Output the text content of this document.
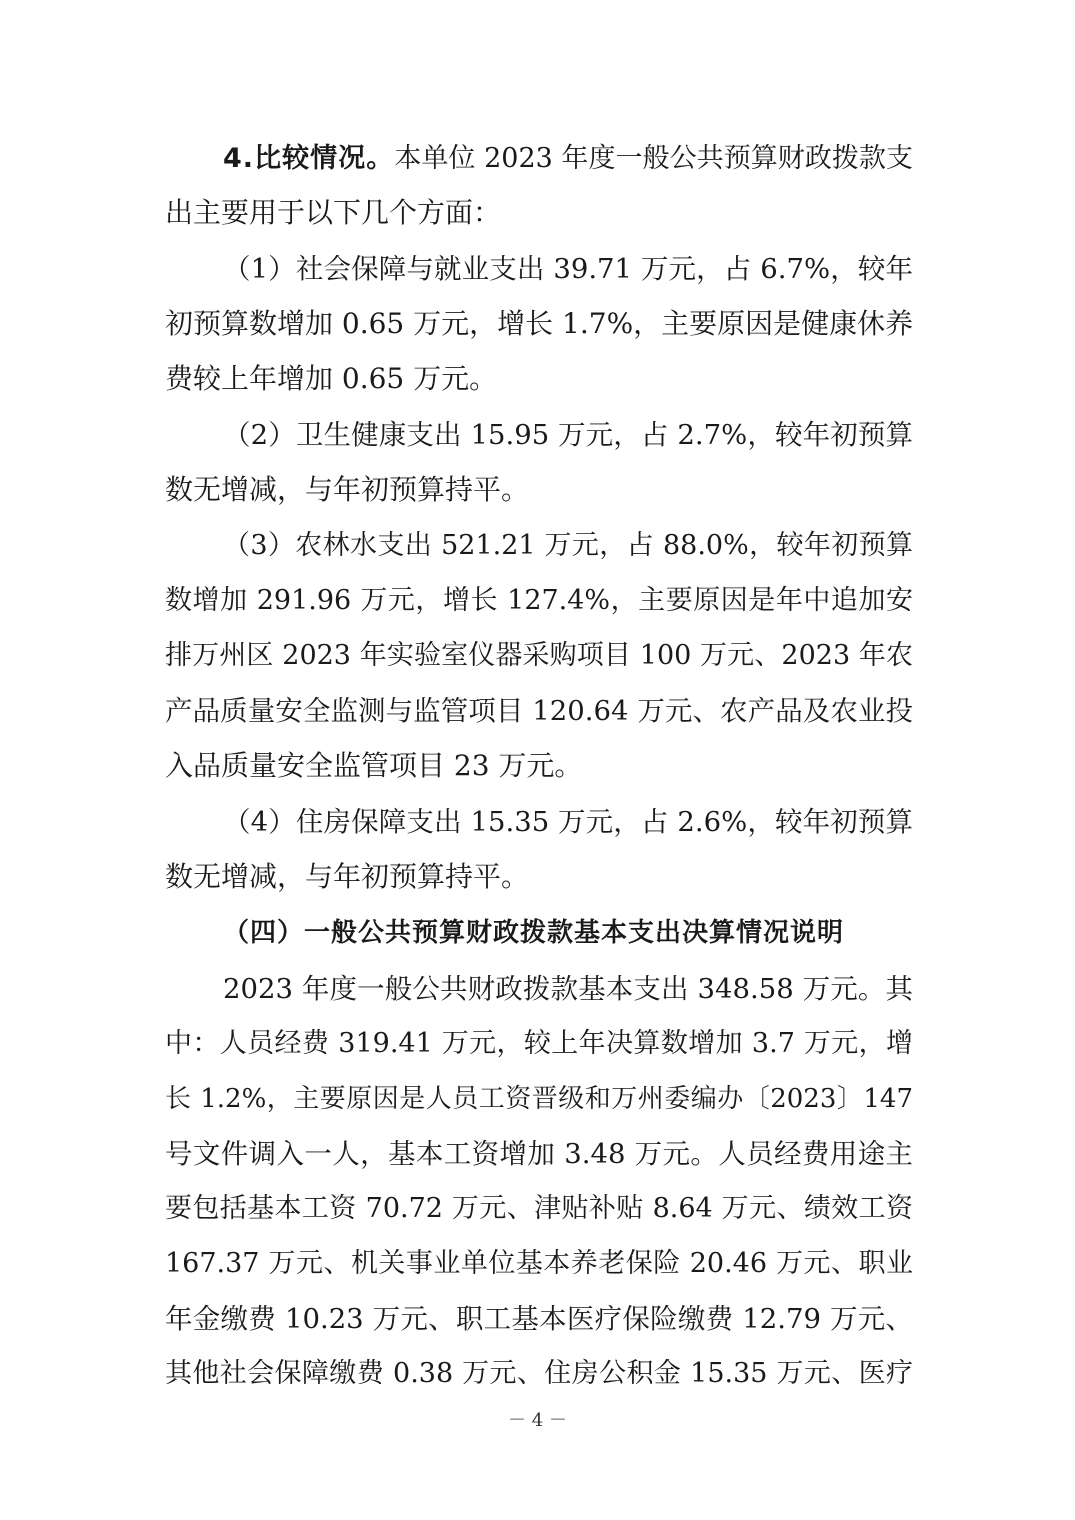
4.比较情况。本单位 2023 年度一般公共预算财政拨款支
出主要用于以下几个方面：
（1）社会保障与就业支出 39.71 万元，占 6.7%，较年
初预算数增加 0.65 万元，增长 1.7%，主要原因是健康休养
费较上年增加 0.65 万元。
（2）卫生健康支出 15.95 万元，占 2.7%，较年初预算
数无增减，与年初预算持平。
（3）农林水支出 521.21 万元，占 88.0%，较年初预算
数增加 291.96 万元，增长 127.4%，主要原因是年中追加安
排万州区 2023 年实验室仪器采购项目 100 万元、2023 年农
产品质量安全监测与监管项目 120.64 万元、农产品及农业投
入品质量安全监管项目 23 万元。
（4）住房保障支出 15.35 万元，占 2.6%，较年初预算
数无增减，与年初预算持平。
（四）一般公共预算财政拨款基本支出决算情况说明
2023 年度一般公共财政拨款基本支出 348.58 万元。其
中：人员经费 319.41 万元，较上年决算数增加 3.7 万元，增
长 1.2%，主要原因是人员工资晋级和万州委编办〔2023〕147
号文件调入一人，基本工资增加 3.48 万元。人员经费用途主
要包括基本工资 70.72 万元、津贴补贴 8.64 万元、绩效工资
167.37 万元、机关事业单位基本养老保险 20.46 万元、职业
年金缴费 10.23 万元、职工基本医疗保险缴费 12.79 万元、
其他社会保障缴费 0.38 万元、住房公积金 15.35 万元、医疗
－ 4 －
